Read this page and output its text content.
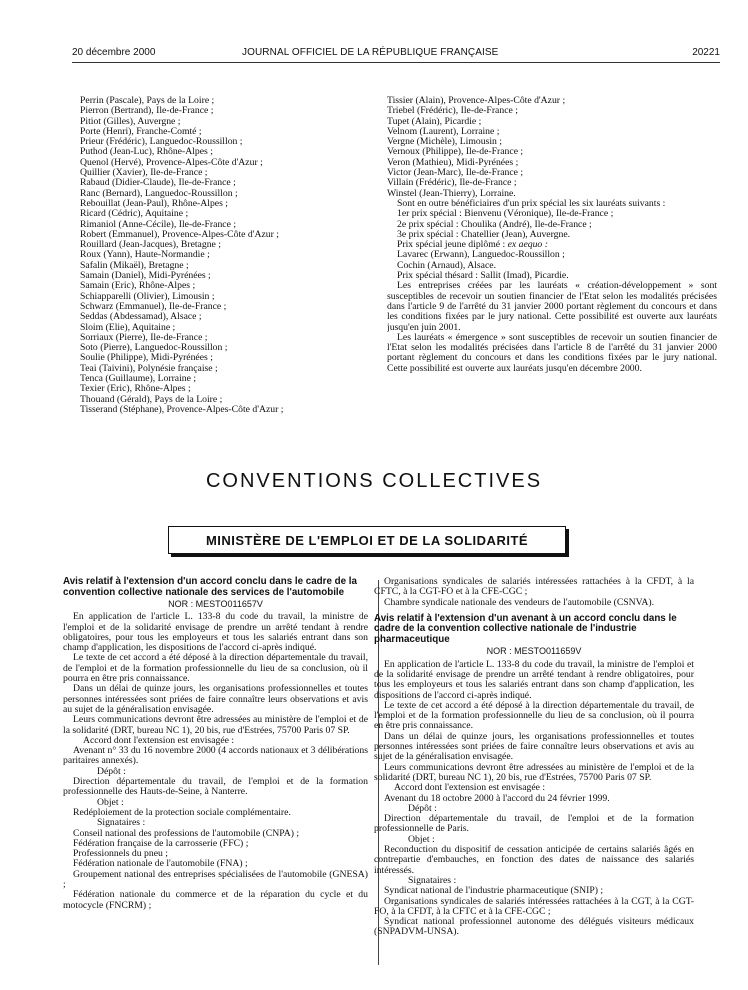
20 décembre 2000	JOURNAL OFFICIEL DE LA RÉPUBLIQUE FRANÇAISE	20221
Perrin (Pascale), Pays de la Loire ;
Pierron (Bertrand), Ile-de-France ;
Pitiot (Gilles), Auvergne ;
Porte (Henri), Franche-Comté ;
Prieur (Frédéric), Languedoc-Roussillon ;
Puthod (Jean-Luc), Rhône-Alpes ;
Quenol (Hervé), Provence-Alpes-Côte d'Azur ;
Quillier (Xavier), Ile-de-France ;
Rabaud (Didier-Claude), Ile-de-France ;
Ranc (Bernard), Languedoc-Roussillon ;
Rebouillat (Jean-Paul), Rhône-Alpes ;
Ricard (Cédric), Aquitaine ;
Rimaniol (Anne-Cécile), Ile-de-France ;
Robert (Emmanuel), Provence-Alpes-Côte d'Azur ;
Rouillard (Jean-Jacques), Bretagne ;
Roux (Yann), Haute-Normandie ;
Safalin (Mikaël), Bretagne ;
Samain (Daniel), Midi-Pyrénées ;
Samain (Eric), Rhône-Alpes ;
Schiapparelli (Olivier), Limousin ;
Schwarz (Emmanuel), Ile-de-France ;
Seddas (Abdessamad), Alsace ;
Sloim (Elie), Aquitaine ;
Sorriaux (Pierre), Ile-de-France ;
Soto (Pierre), Languedoc-Roussillon ;
Soulie (Philippe), Midi-Pyrénées ;
Teai (Taivini), Polynésie française ;
Tenca (Guillaume), Lorraine ;
Texier (Eric), Rhône-Alpes ;
Thouand (Gérald), Pays de la Loire ;
Tisserand (Stéphane), Provence-Alpes-Côte d'Azur ;
Tissier (Alain), Provence-Alpes-Côte d'Azur ;
Triebel (Frédéric), Ile-de-France ;
Tupet (Alain), Picardie ;
Velnom (Laurent), Lorraine ;
Vergne (Michèle), Limousin ;
Vernoux (Philippe), Ile-de-France ;
Veron (Mathieu), Midi-Pyrénées ;
Victor (Jean-Marc), Ile-de-France ;
Villain (Frédéric), Ile-de-France ;
Winstel (Jean-Thierry), Lorraine.
Sont en outre bénéficiaires d'un prix spécial les six lauréats suivants :
1er prix spécial : Bienvenu (Véronique), Ile-de-France ;
2e prix spécial : Choulika (André), Ile-de-France ;
3e prix spécial : Chatellier (Jean), Auvergne.
Prix spécial jeune diplômé : ex aequo :
Lavarec (Erwann), Languedoc-Roussillon ;
Cochin (Arnaud), Alsace.
Prix spécial thésard : Sallit (Imad), Picardie.
Les entreprises créées par les lauréats « création-développement » sont susceptibles de recevoir un soutien financier de l'Etat selon les modalités précisées dans l'article 9 de l'arrêté du 31 janvier 2000 portant règlement du concours et dans les conditions fixées par le jury national. Cette possibilité est ouverte aux lauréats jusqu'en juin 2001.
Les lauréats « émergence » sont susceptibles de recevoir un soutien financier de l'Etat selon les modalités précisées dans l'article 8 de l'arrêté du 31 janvier 2000 portant règlement du concours et dans les conditions fixées par le jury national. Cette possibilité est ouverte aux lauréats jusqu'en décembre 2000.
CONVENTIONS COLLECTIVES
MINISTÈRE DE L'EMPLOI ET DE LA SOLIDARITÉ
Avis relatif à l'extension d'un accord conclu dans le cadre de la convention collective nationale des services de l'automobile
NOR : MESTO011657V
En application de l'article L. 133-8 du code du travail, la ministre de l'emploi et de la solidarité envisage de prendre un arrêté tendant à rendre obligatoires, pour tous les employeurs et tous les salariés entrant dans son champ d'application, les dispositions de l'accord ci-après indiqué.
Le texte de cet accord a été déposé à la direction départementale du travail, de l'emploi et de la formation professionnelle du lieu de sa conclusion, où il pourra en être pris connaissance.
Dans un délai de quinze jours, les organisations professionnelles et toutes personnes intéressées sont priées de faire connaître leurs observations et avis au sujet de la généralisation envisagée.
Leurs communications devront être adressées au ministère de l'emploi et de la solidarité (DRT, bureau NC 1), 20 bis, rue d'Estrées, 75700 Paris 07 SP.
Accord dont l'extension est envisagée :
Avenant n° 33 du 16 novembre 2000 (4 accords nationaux et 3 délibérations paritaires annexés).
Dépôt :
Direction départementale du travail, de l'emploi et de la formation professionnelle des Hauts-de-Seine, à Nanterre.
Objet :
Redéploiement de la protection sociale complémentaire.
Signataires :
Conseil national des professions de l'automobile (CNPA) ;
Fédération française de la carrosserie (FFC) ;
Professionnels du pneu ;
Fédération nationale de l'automobile (FNA) ;
Groupement national des entreprises spécialisées de l'automobile (GNESA) ;
Fédération nationale du commerce et de la réparation du cycle et du motocycle (FNCRM) ;
Organisations syndicales de salariés intéressées rattachées à la CFDT, à la CFTC, à la CGT-FO et à la CFE-CGC ;
Chambre syndicale nationale des vendeurs de l'automobile (CSNVA).
Avis relatif à l'extension d'un avenant à un accord conclu dans le cadre de la convention collective nationale de l'industrie pharmaceutique
NOR : MESTO011659V
En application de l'article L. 133-8 du code du travail, la ministre de l'emploi et de la solidarité envisage de prendre un arrêté tendant à rendre obligatoires, pour tous les employeurs et tous les salariés entrant dans son champ d'application, les dispositions de l'accord ci-après indiqué.
Le texte de cet accord a été déposé à la direction départementale du travail, de l'emploi et de la formation professionnelle du lieu de sa conclusion, où il pourra en être pris connaissance.
Dans un délai de quinze jours, les organisations professionnelles et toutes personnes intéressées sont priées de faire connaître leurs observations et avis au sujet de la généralisation envisagée.
Leurs communications devront être adressées au ministère de l'emploi et de la solidarité (DRT, bureau NC 1), 20 bis, rue d'Estrées, 75700 Paris 07 SP.
Accord dont l'extension est envisagée :
Avenant du 18 octobre 2000 à l'accord du 24 février 1999.
Dépôt :
Direction départementale du travail, de l'emploi et de la formation professionnelle de Paris.
Objet :
Reconduction du dispositif de cessation anticipée de certains salariés âgés en contrepartie d'embauches, en fonction des dates de naissance des salariés intéressés.
Signataires :
Syndicat national de l'industrie pharmaceutique (SNIP) ;
Organisations syndicales de salariés intéressées rattachées à la CGT, à la CGT-FO, à la CFDT, à la CFTC et à la CFE-CGC ;
Syndicat national professionnel autonome des délégués visiteurs médicaux (SNPADVM-UNSA).
